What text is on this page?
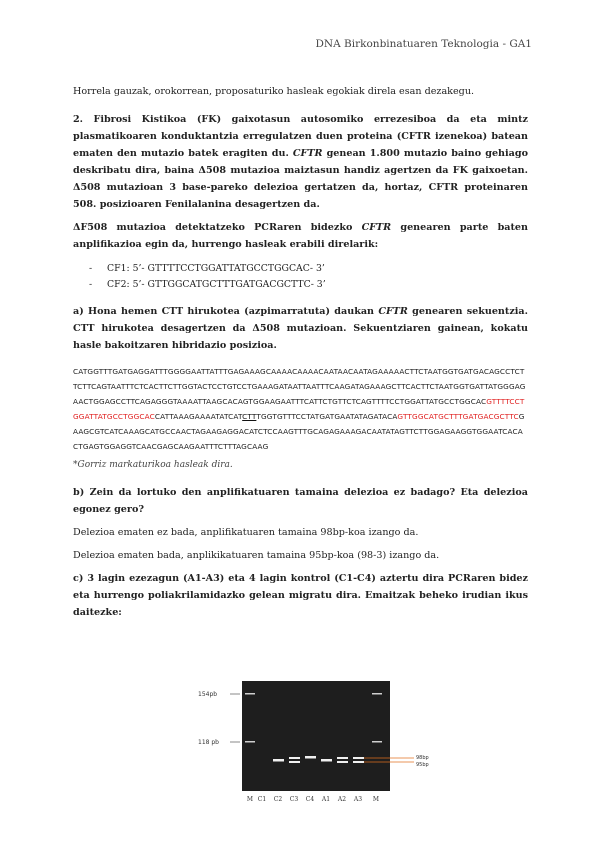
DNA Birkonbinatuaren Teknologia - GA1

Horrela gauzak, orokorrean, proposaturiko hasleak egokiak direla esan dezakegu.

2. Fibrosi Kistikoa (FK) gaixotasun autosomiko errezesiboa da eta mintz plasmatikoaren konduktantzia erregulatzen duen proteina (CFTR izenekoa) batean ematen den mutazio batek eragiten du. CFTR genean 1.800 mutazio baino gehiago deskribatu dira, baina Δ508 mutazioa maiztasun handiz agertzen da FK gaixoetan. Δ508 mutazioan 3 base-pareko delezioa gertatzen da, hortaz, CFTR proteinaren 508. posizioaren Fenilalanina desagertzen da.

ΔF508 mutazioa detektatzeko PCRaren bidezko CFTR genearen parte baten anplifikazioa egin da, hurrengo hasleak erabili direlarik:

- CF1: 5’- GTTTTCCTGGATTATGCCTGGCAC- 3’
- CF2: 5’- GTTGGCATGCTTTGATGACGCTTC- 3’

a) Hona hemen CTT hirukotea (azpimarratuta) daukan CFTR genearen sekuentzia. CTT hirukotea desagertzen da Δ508 mutazioan. Sekuentziaren gainean, kokatu hasle bakoitzaren hibridazio posizioa.

CATGGTTTGATGAGGATTTGGGGAATTATTTGAGAAAGCAAAACAAAACAATAACAATAGAAAAACTTCTAATGGTGATGACAGCCTCTTCTTCAGTAATTTCTCACTTCTTGGTACTCCTGTCCTGAAAGATAATTAATTTCAAGATAGAAAGCTTCACTTCTAATGGTGATTATGGGAGAACTGGAGCCTTCAGAGGGTAAAATTAAGCACAGTGGAAGAATTTCATTCTGTTCTCAGTTTTCCTGGATTATGCCTGGCACGTTTTCCTGGATTATGCCTGGCACCATTAAAGAAAATATCATCTTTGGTGTTTCCTATGATGAATATAGATACAGTTGGCATGCTTTGATGACGCTTCGAAGCGTCATCAAAGCATGCCAACTAGAAGAGGACATCTCCAAGTTTGCAGAGAAAGACAATATAGTTCTTGGAGAAGGTGGAATCACACTGAGTGGAGGTCAACGAGCAAGAATTTCTTTAGCAAG

*Gorriz markaturikoa hasleak dira.

b) Zein da lortuko den anplifikatuaren tamaina delezioa ez badago? Eta delezioa egonez gero?

Delezioa ematen ez bada, anplifikatuaren tamaina 98bp-koa izango da.

Delezioa ematen bada, anplikikatuaren tamaina 95bp-koa (98-3) izango da.

c) 3 lagin ezezagun (A1-A3) eta 4 lagin kontrol (C1-C4) aztertu dira PCRaren bidez eta hurrengo poliakrilamidazko gelean migratu dira. Emaitzak beheko irudian ikus daitezke:

154pb
118 pb
98bp
95bp
M C1 C2 C3 C4 A1 A2 A3 M
